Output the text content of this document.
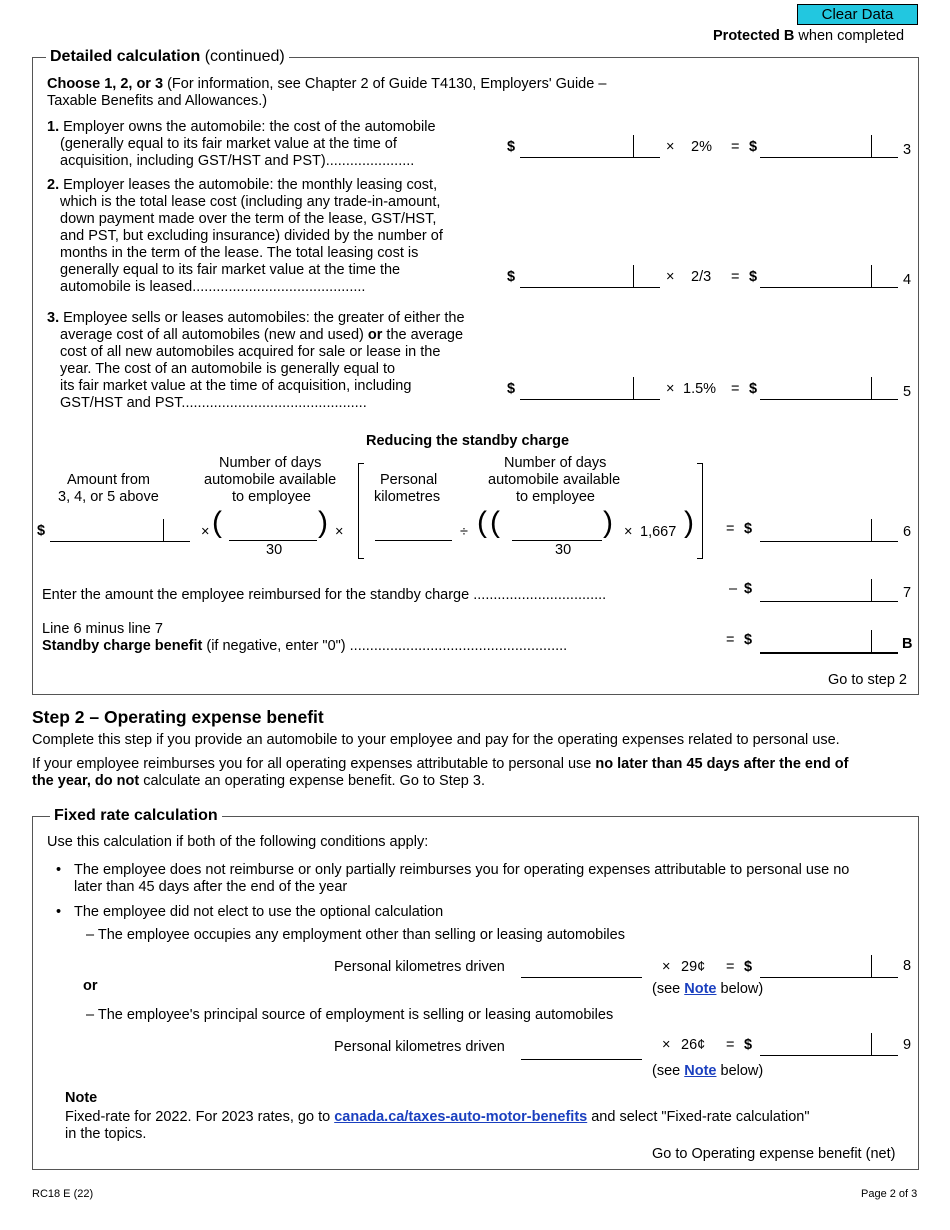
Clear Data
Protected B when completed
Detailed calculation (continued)
Choose 1, 2, or 3 (For information, see Chapter 2 of Guide T4130, Employers' Guide –
Taxable Benefits and Allowances.)
1. Employer owns the automobile: the cost of the automobile
(generally equal to its fair market value at the time of
acquisition, including GST/HST and PST)......................
$	× 2% = $	3
2. Employer leases the automobile: the monthly leasing cost,
which is the total lease cost (including any trade-in-amount,
down payment made over the term of the lease, GST/HST,
and PST, but excluding insurance) divided by the number of
months in the term of the lease. The total leasing cost is
generally equal to its fair market value at the time the
automobile is leased...........................................
$	× 2/3 = $	4
3. Employee sells or leases automobiles: the greater of either the
average cost of all automobiles (new and used) or the average
cost of all new automobiles acquired for sale or lease in the
year. The cost of an automobile is generally equal to
its fair market value at the time of acquisition, including
GST/HST and PST..............................................
$	× 1.5% = $	5
Reducing the standby charge
Amount from
3, 4, or 5 above
Number of days
automobile available
to employee
Personal
kilometres
Number of days
automobile available
to employee
$	× (	)
30
×	÷ ( (	)
30
× 1,667 ) = $	6
Enter the amount the employee reimbursed for the standby charge .................................	– $	7
Line 6 minus line 7
Standby charge benefit (if negative, enter "0") ......................................................	= $	B
Go to step 2
Step 2 – Operating expense benefit
Complete this step if you provide an automobile to your employee and pay for the operating expenses related to personal use.
If your employee reimburses you for all operating expenses attributable to personal use no later than 45 days after the end of
the year, do not calculate an operating expense benefit. Go to Step 3.
Fixed rate calculation
Use this calculation if both of the following conditions apply:
• The employee does not reimburse or only partially reimburses you for operating expenses attributable to personal use no
later than 45 days after the end of the year
• The employee did not elect to use the optional calculation
– The employee occupies any employment other than selling or leasing automobiles
Personal kilometres driven	× 29¢ = $	8
(see Note below)
or
– The employee's principal source of employment is selling or leasing automobiles
Personal kilometres driven	× 26¢ = $	9
(see Note below)
Note
Fixed-rate for 2022. For 2023 rates, go to canada.ca/taxes-auto-motor-benefits and select "Fixed-rate calculation"
in the topics.
Go to Operating expense benefit (net)
RC18 E (22)	Page 2 of 3
